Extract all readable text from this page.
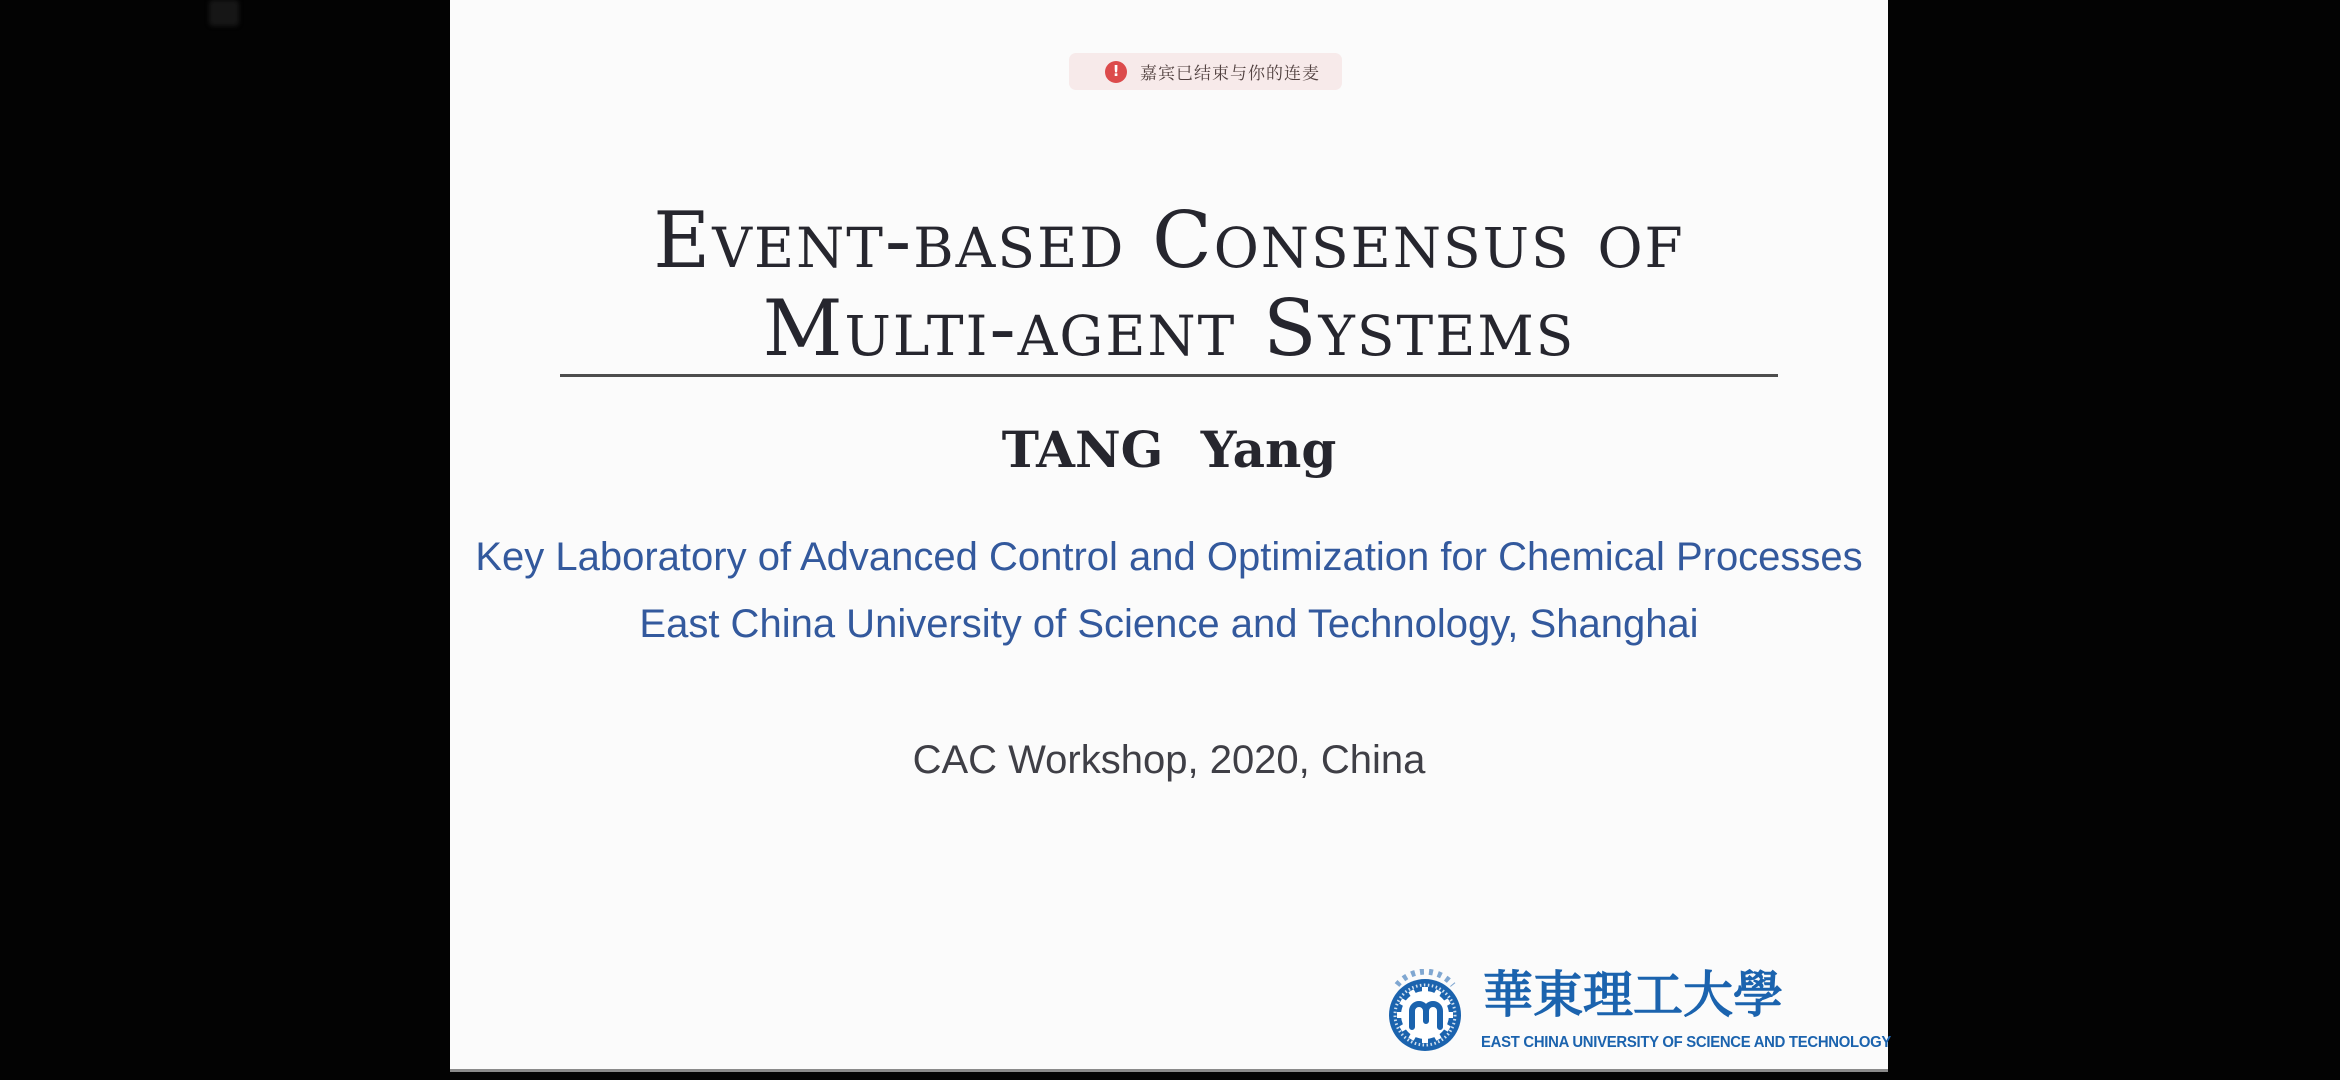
!	嘉宾已结束与你的连麦
Event-based Consensus of
Multi-agent Systems
TANG Yang
Key Laboratory of Advanced Control and Optimization for Chemical Processes
East China University of Science and Technology, Shanghai
CAC Workshop, 2020, China
華東理工大學
EAST CHINA UNIVERSITY OF SCIENCE AND TECHNOLOGY
